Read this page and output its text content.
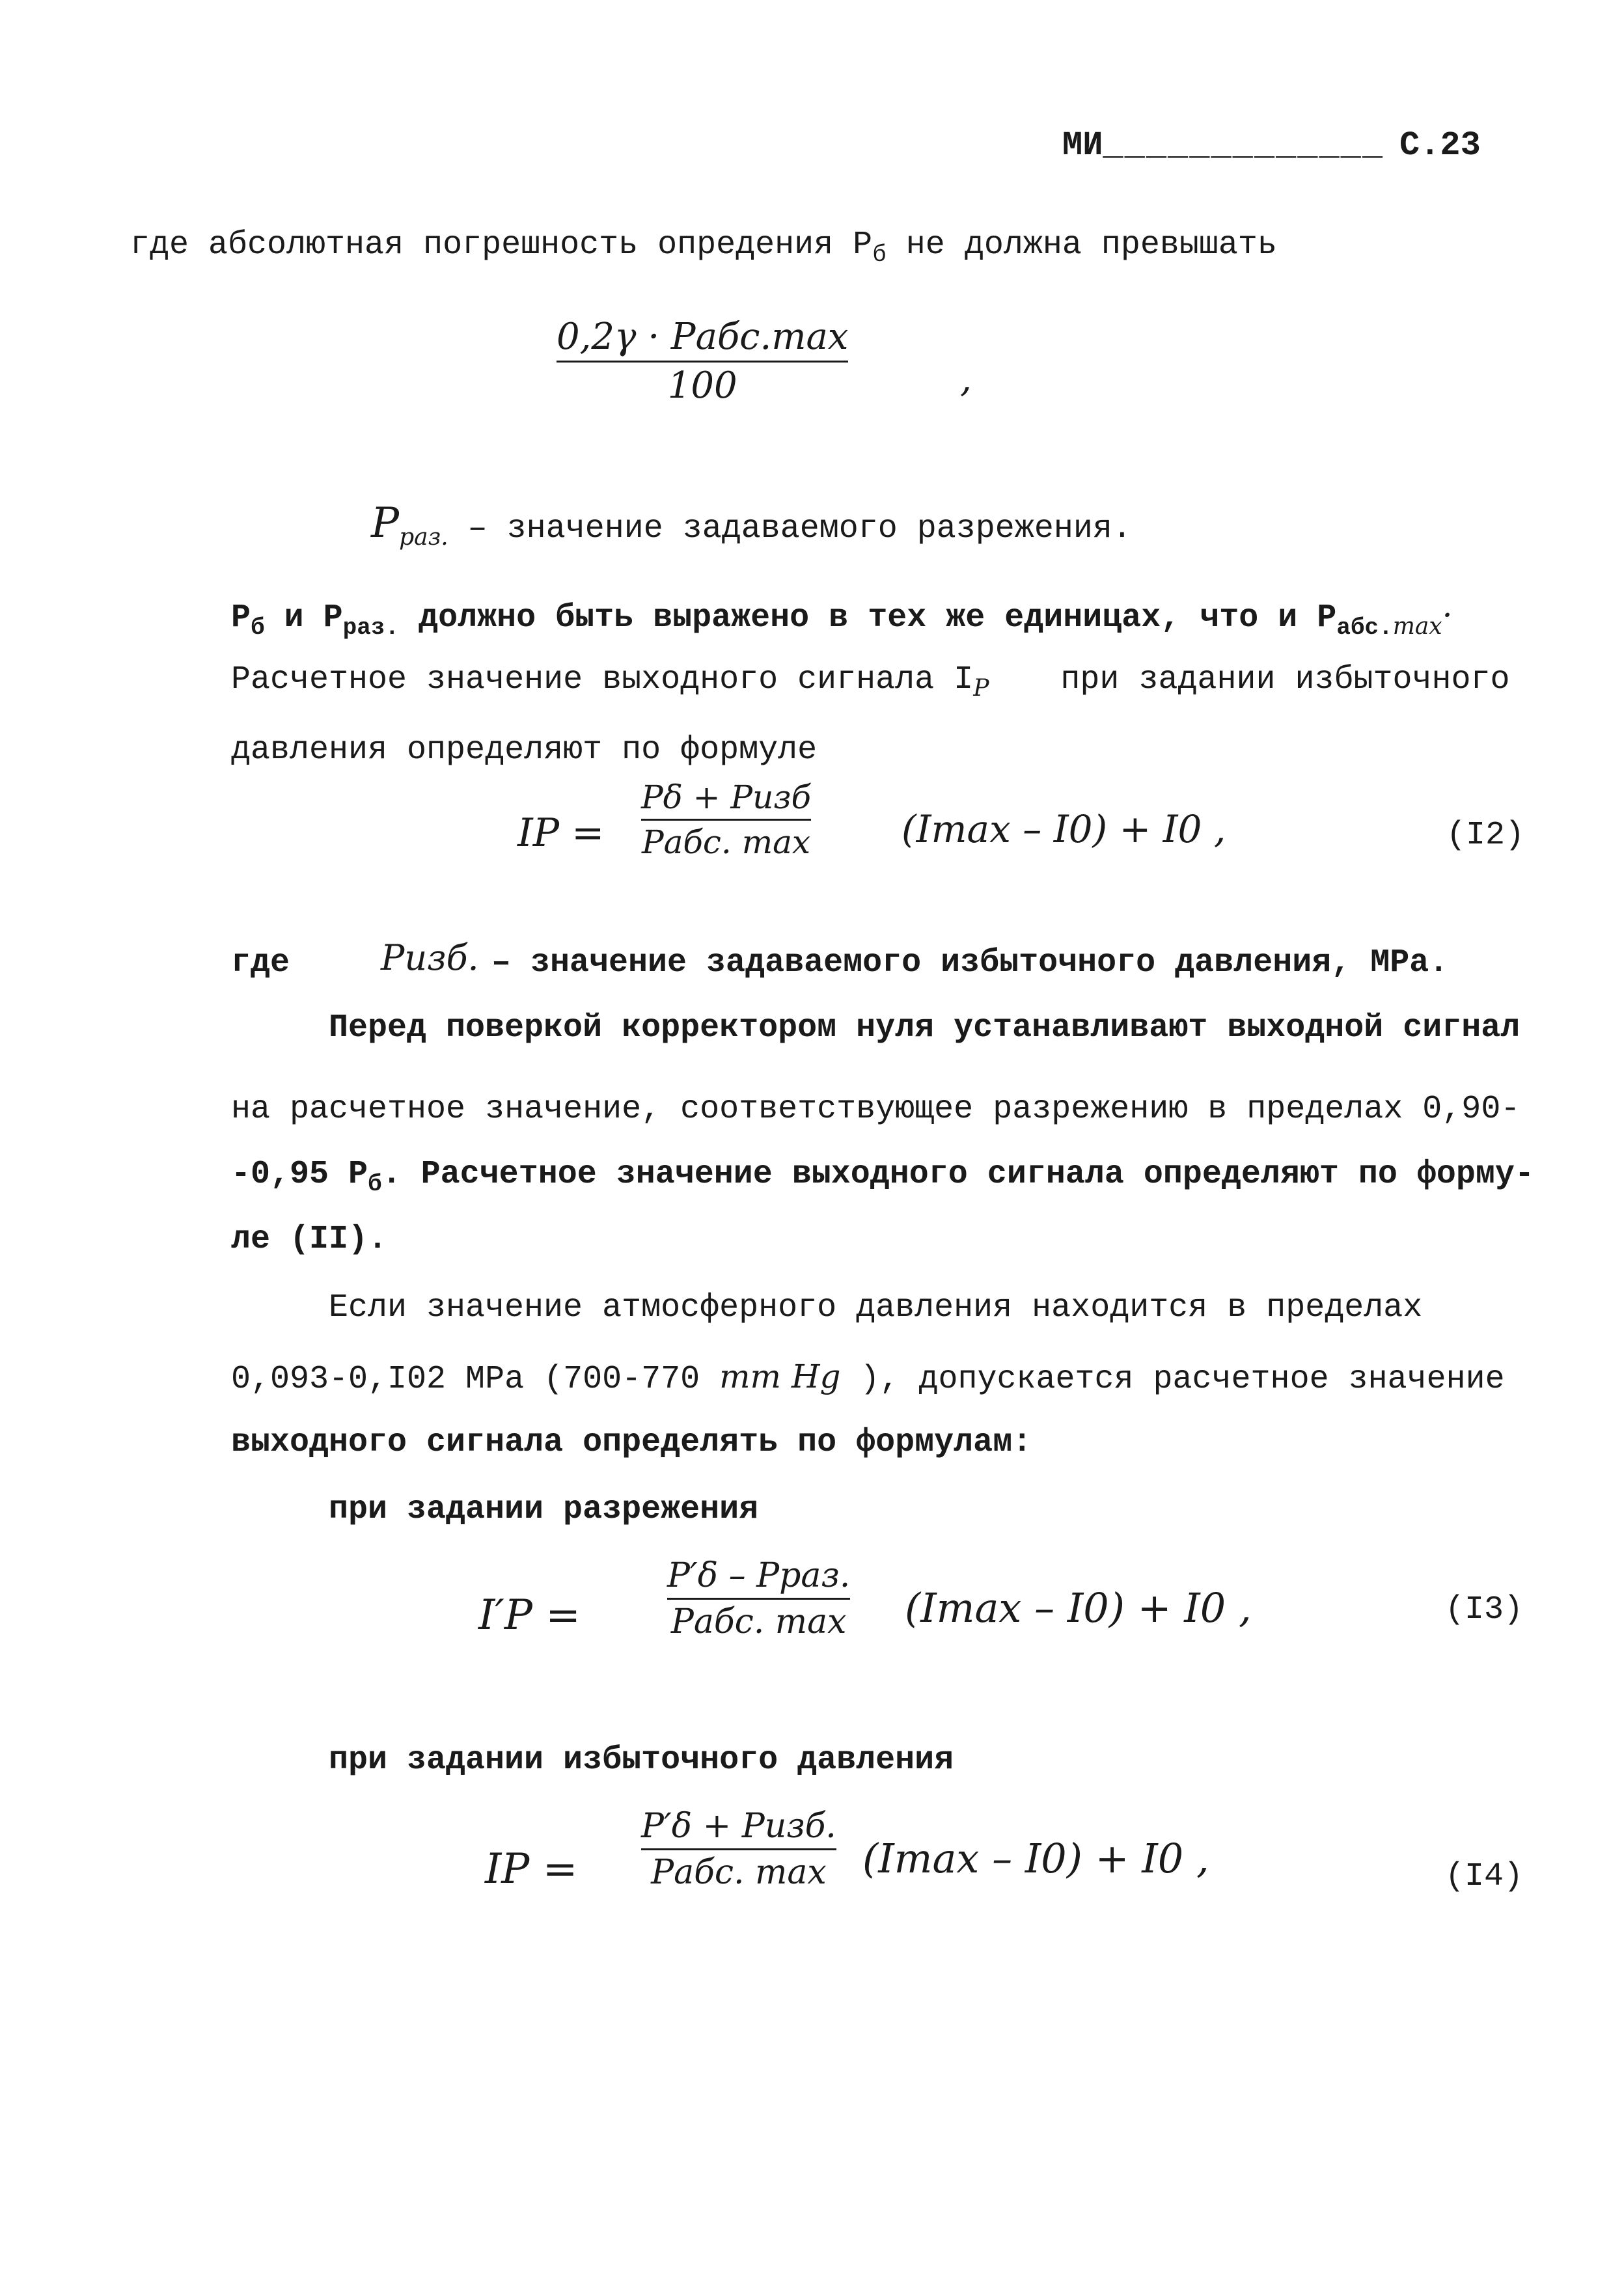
МИ_____________ С.23
где абсолютная погрешность опредения $Р_б$ не должна превышать
0,2γ · Pабс.max
100	,
$P_{раз.}$ – значение задаваемого разрежения.
$Р_б$ и $Р_{раз.}$ должно быть выражено в тех же единицах, что и $Р_{абс.max}\cdot$
Расчетное значение выходного сигнала $I_P$ при задании избыточного
давления определяют по формуле
IP =
Pδ + Pизб
Pабс. max (Imax – I0) + I0 ,	(I2)
где	Pизб. – значение задаваемого избыточного давления, МРа.
Перед поверкой корректором нуля устанавливают выходной сигнал
на расчетное значение, соответствующее разрежению в пределах 0,90-
-0,95 $Р_б$. Расчетное значение выходного сигнала определяют по форму-
ле (II).
Если значение атмосферного давления находится в пределах
0,093-0,I02 МРа (700-770 mm Hg ), допускается расчетное значение
выходного сигнала определять по формулам:
при задании разрежения
I′P =
P′δ – Pраз.
Pабс. max (Imax – I0) + I0 ,	(I3)
при задании избыточного давления
IP =
P′δ + Pизб.
Pабс. max (Imax – I0) + I0 ,	(I4)
